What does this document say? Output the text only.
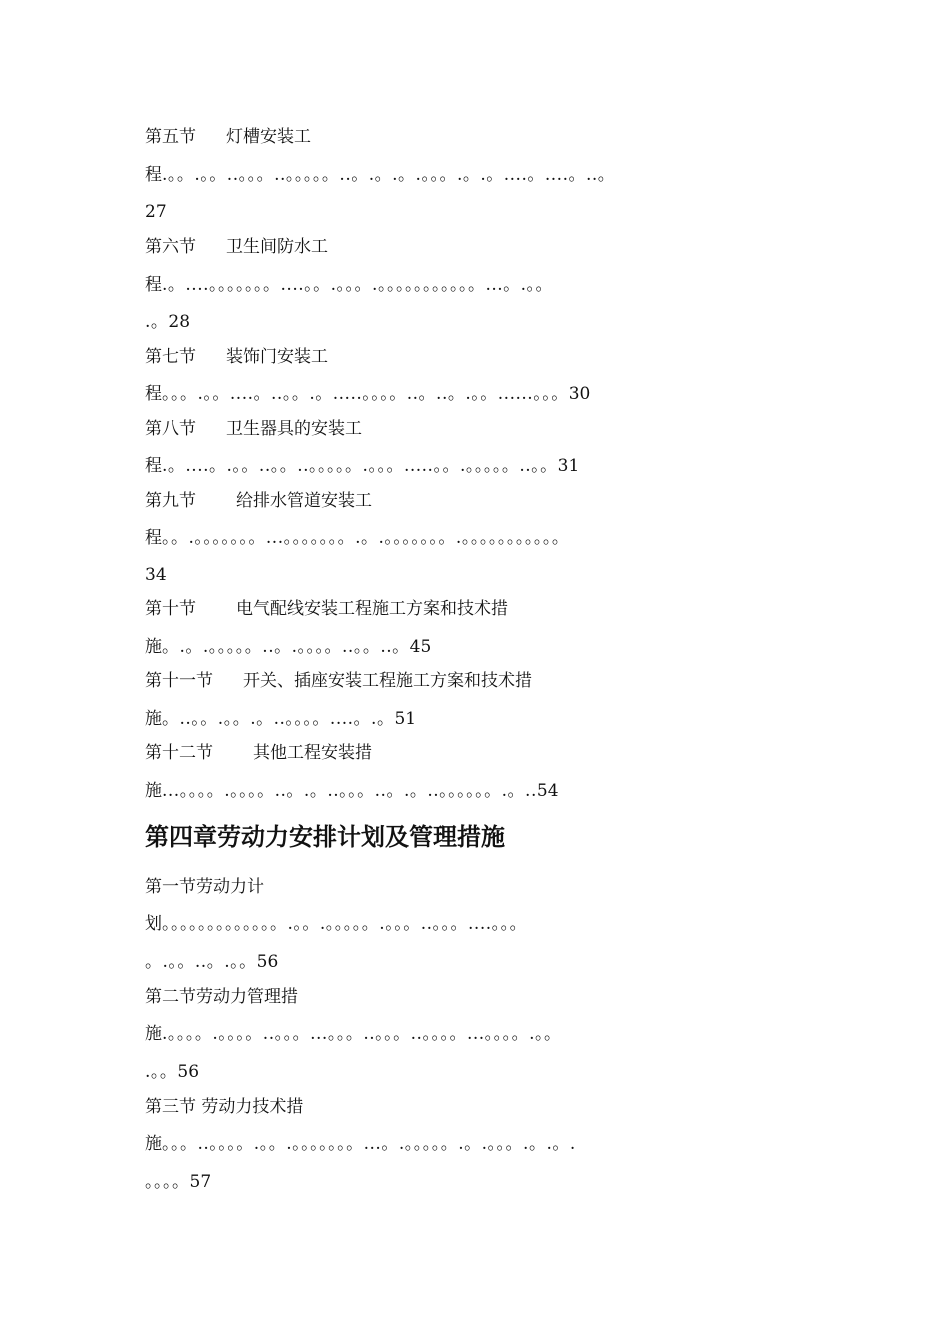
第五节 灯槽安装工
程.。。.。。..。。。..。。。。。..。.。.。.。。。.。.。....。....。..。
27
第六节 卫生间防水工
程.。....。。。。。。。....。。.。。。.。。。。。。。。。。。...。.。。
.。28
第七节 装饰门安装工
程。。。.。。....。..。。.。.....。。。。..。..。.。。......。。。30
第八节 卫生器具的安装工
程.。....。.。。..。。..。。。。。.。。。.....。。.。。。。。..。。31
第九节 给排水管道安装工
程。。.。。。。。。。...。。。。。。。.。.。。。。。。。.。。。。。。。。。。。
34
第十节 电气配线安装工程施工方案和技术措
施。.。.。。。。。..。.。。。。..。。..。45
第十一节 开关、插座安装工程施工方案和技术措
施。..。。.。。.。..。。。。....。.。51
第十二节 其他工程安装措
施...。。。。.。。。。..。.。..。。。..。.。..。。。。。。.。..54
第四章劳动力安排计划及管理措施
第一节劳动力计
划。。。。。。。。。。。。。.。。.。。。。。.。。。..。。。....。。。
。.。。..。.。。56
第二节劳动力管理措
施.。。。。.。。。。..。。。...。。。..。。。..。。。。...。。。。.。。
.。。56
第三节 劳动力技术措
施。。。..。。。。.。。.。。。。。。。...。.。。。。。.。.。。。.。.。.
。。。。57
